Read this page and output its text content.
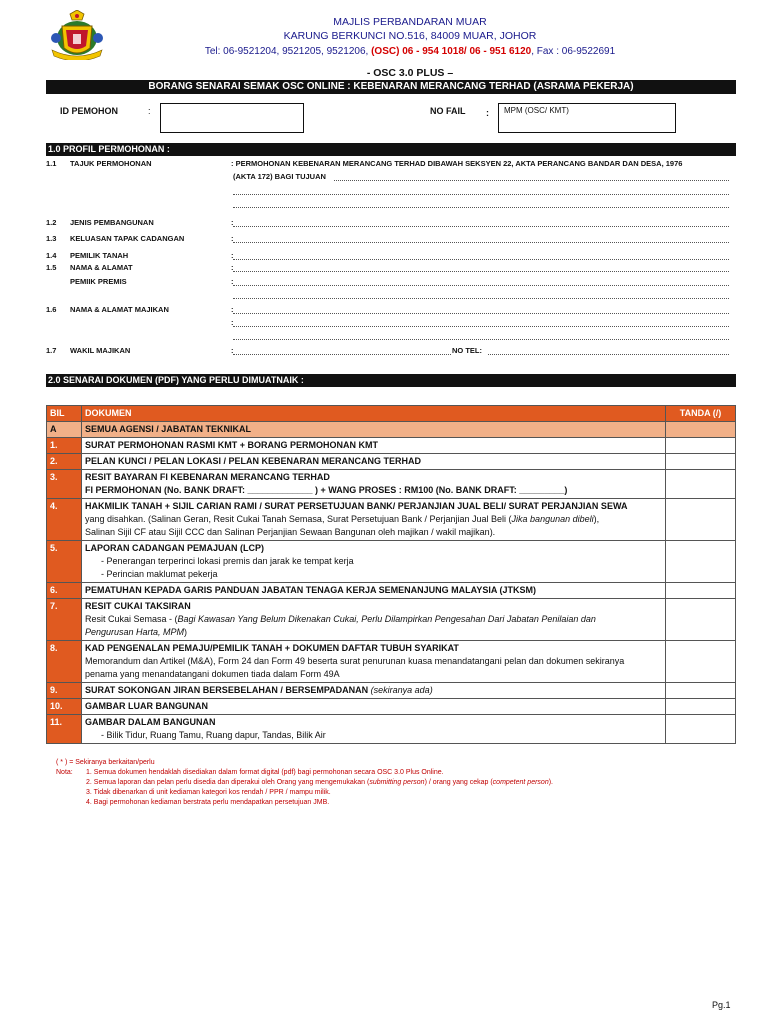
MAJLIS PERBANDARAN MUAR
KARUNG BERKUNCI NO.516, 84009 MUAR, JOHOR
Tel: 06-9521204, 9521205, 9521206, (OSC) 06 - 954 1018/ 06 - 951 6120, Fax : 06-9522691
- OSC 3.0 PLUS –
BORANG SENARAI SEMAK OSC ONLINE : KEBENARAN MERANCANG TERHAD (ASRAMA PEKERJA)
ID PEMOHON	:	NO FAIL : MPM (OSC/ KMT)
1.0 PROFIL PERMOHONAN :
1.1 TAJUK PERMOHONAN	: PERMOHONAN KEBENARAN MERANCANG TERHAD DIBAWAH SEKSYEN 22, AKTA PERANCANG BANDAR DAN DESA, 1976
(AKTA 172) BAGI TUJUAN
1.2 JENIS PEMBANGUNAN	:
1.3 KELUASAN TAPAK CADANGAN	:
1.4 PEMILIK TANAH	:
1.5 NAMA & ALAMAT	:
PEMIIK PREMIS	:
1.6 NAMA & ALAMAT MAJIKAN	:
:
1.7 WAKIL MAJIKAN	:	NO TEL:
2.0 SENARAI DOKUMEN (PDF) YANG PERLU DIMUATNAIK :
BIL	DOKUMEN	TANDA (/)
A	SEMUA AGENSI / JABATAN TEKNIKAL	
1.	SURAT PERMOHONAN RASMI KMT + BORANG PERMOHONAN KMT	
2.	PELAN KUNCI / PELAN LOKASI / PELAN KEBENARAN MERANCANG TERHAD	
3.	RESIT BAYARAN FI KEBENARAN MERANCANG TERHAD
FI PERMOHONAN (No. BANK DRAFT: _____________ ) + WANG PROSES : RM100 (No. BANK DRAFT: _________)	

4.	HAKMILIK TANAH + SIJIL CARIAN RAMI / SURAT PERSETUJUAN BANK/ PERJANJIAN JUAL BELI/ SURAT PERJANJIAN SEWA
yang disahkan. (Salinan Geran, Resit Cukai Tanah Semasa, Surat Persetujuan Bank / Perjanjian Jual Beli (Jika bangunan dibeli),
Salinan Sijil CF atau Sijil CCC dan Salinan Perjanjian Sewaan Bangunan oleh majikan / wakil majikan).	

5.	LAPORAN CADANGAN PEMAJUAN (LCP)
- Penerangan terperinci lokasi premis dan jarak ke tempat kerja
- Perincian maklumat pekerja	

6.	PEMATUHAN KEPADA GARIS PANDUAN JABATAN TENAGA KERJA SEMENANJUNG MALAYSIA (JTKSM)	
7.	RESIT CUKAI TAKSIRAN
Resit Cukai Semasa - (Bagi Kawasan Yang Belum Dikenakan Cukai, Perlu Dilampirkan Pengesahan Dari Jabatan Penilaian dan
Pengurusan Harta, MPM)	

8.	KAD PENGENALAN PEMAJU/PEMILIK TANAH + DOKUMEN DAFTAR TUBUH SYARIKAT
Memorandum dan Artikel (M&A), Form 24 dan Form 49 beserta surat penurunan kuasa menandatangani pelan dan dokumen sekiranya
penama yang menandatangani dokumen tiada dalam Form 49A	

9.	SURAT SOKONGAN JIRAN BERSEBELAHAN / BERSEMPADANAN (sekiranya ada)	
10.	GAMBAR LUAR BANGUNAN	
11.	GAMBAR DALAM BANGUNAN
- Bilik Tidur, Ruang Tamu, Ruang dapur, Tandas, Bilik Air	

( * ) = Sekiranya berkaitan/perlu
Nota:	1. Semua dokumen hendaklah disediakan dalam format digital (pdf) bagi permohonan secara OSC 3.0 Plus Online.
2. Semua laporan dan pelan perlu disedia dan diperakui oleh Orang yang mengemukakan (submitting person) / orang yang cekap (competent person).
3. Tidak dibenarkan di unit kediaman kategori kos rendah / PPR / mampu milik.
4. Bagi permohonan kediaman berstrata perlu mendapatkan persetujuan JMB.
Pg.1
